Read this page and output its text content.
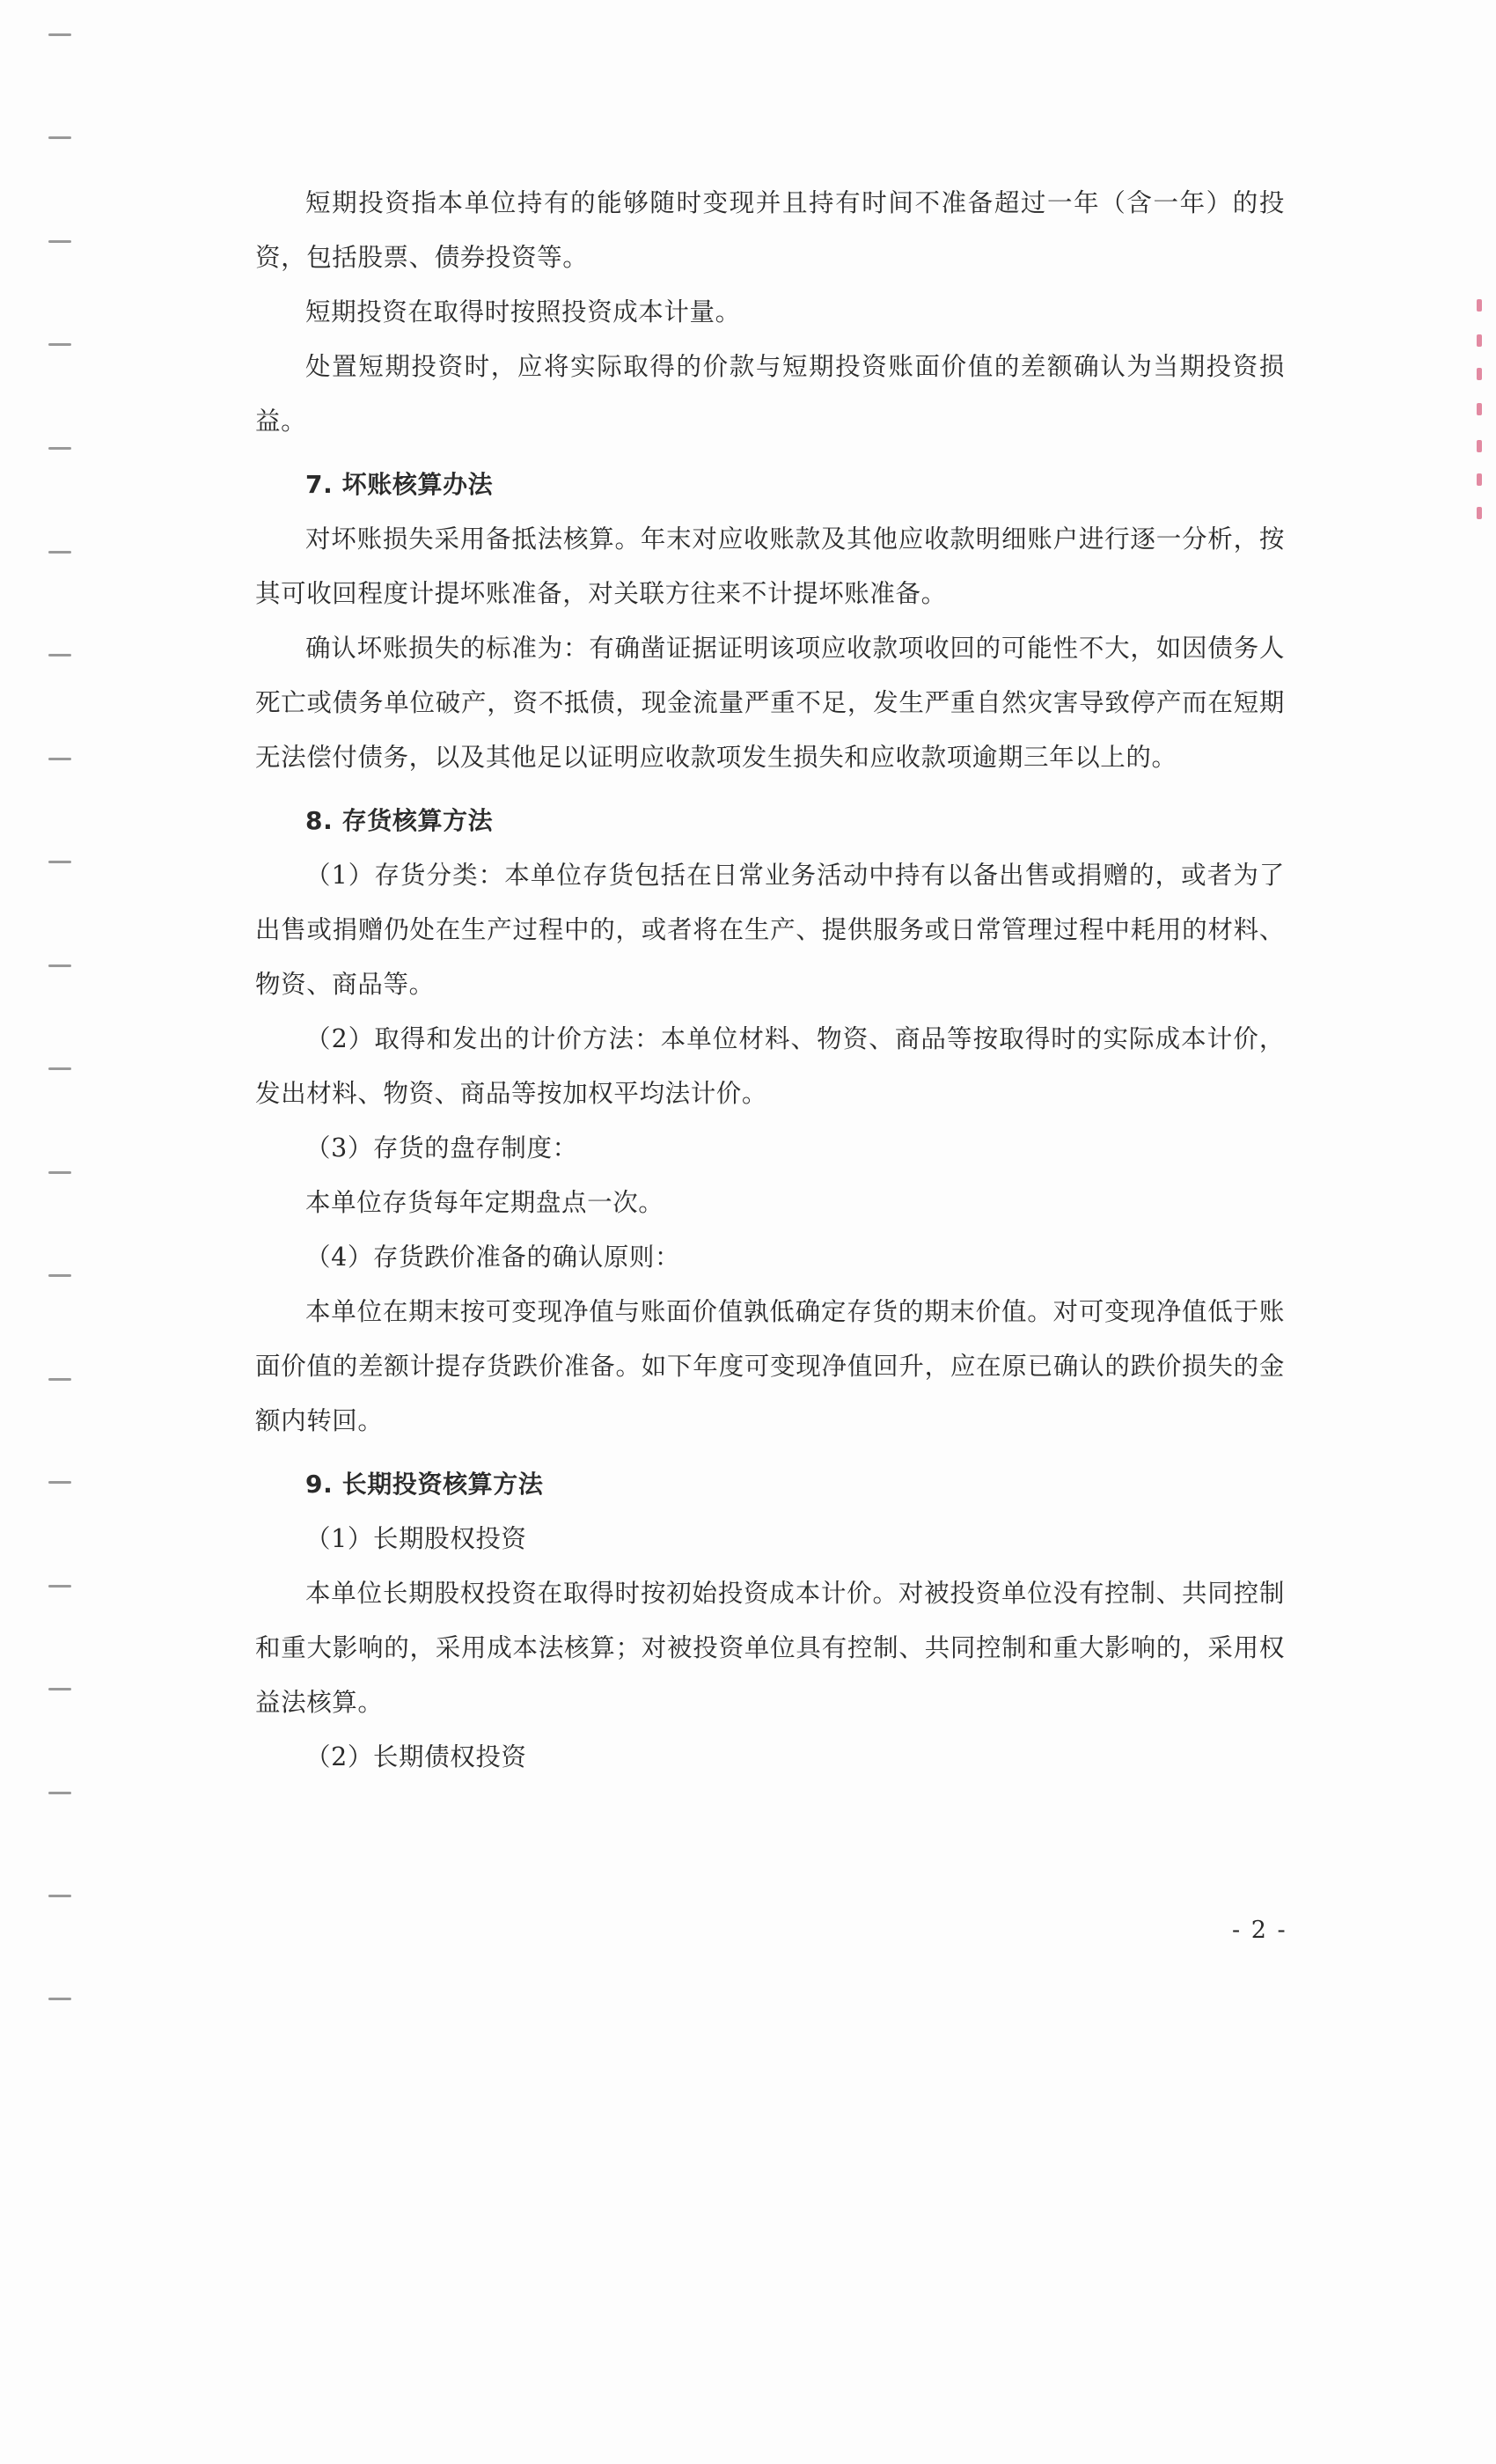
短期投资指本单位持有的能够随时变现并且持有时间不准备超过一年（含一年）的投资，包括股票、债券投资等。

短期投资在取得时按照投资成本计量。

处置短期投资时，应将实际取得的价款与短期投资账面价值的差额确认为当期投资损益。

7. 坏账核算办法

对坏账损失采用备抵法核算。年末对应收账款及其他应收款明细账户进行逐一分析，按其可收回程度计提坏账准备，对关联方往来不计提坏账准备。

确认坏账损失的标准为：有确凿证据证明该项应收款项收回的可能性不大，如因债务人死亡或债务单位破产，资不抵债，现金流量严重不足，发生严重自然灾害导致停产而在短期无法偿付债务，以及其他足以证明应收款项发生损失和应收款项逾期三年以上的。

8. 存货核算方法

（1）存货分类：本单位存货包括在日常业务活动中持有以备出售或捐赠的，或者为了出售或捐赠仍处在生产过程中的，或者将在生产、提供服务或日常管理过程中耗用的材料、物资、商品等。

（2）取得和发出的计价方法：本单位材料、物资、商品等按取得时的实际成本计价，发出材料、物资、商品等按加权平均法计价。

（3）存货的盘存制度：

本单位存货每年定期盘点一次。

（4）存货跌价准备的确认原则：

本单位在期末按可变现净值与账面价值孰低确定存货的期末价值。对可变现净值低于账面价值的差额计提存货跌价准备。如下年度可变现净值回升，应在原已确认的跌价损失的金额内转回。

9. 长期投资核算方法

（1）长期股权投资

本单位长期股权投资在取得时按初始投资成本计价。对被投资单位没有控制、共同控制和重大影响的，采用成本法核算；对被投资单位具有控制、共同控制和重大影响的，采用权益法核算。

（2）长期债权投资

- 2 -
